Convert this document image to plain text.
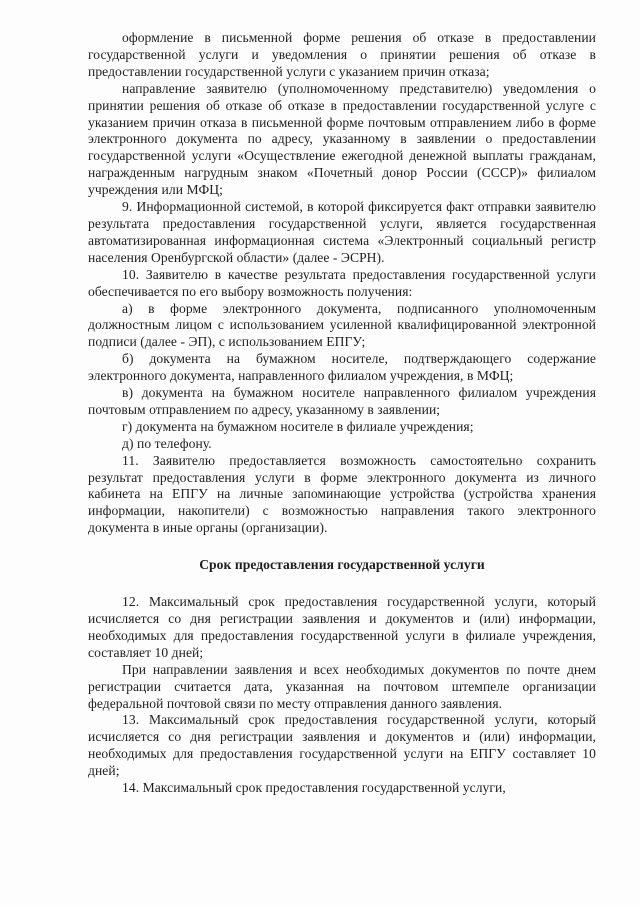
оформление в письменной форме решения об отказе в предоставлении государственной услуги и уведомления о принятии решения об отказе в предоставлении государственной услуги с указанием причин отказа;

направление заявителю (уполномоченному представителю) уведомления о принятии решения об отказе об отказе в предоставлении государственной услуге с указанием причин отказа в письменной форме почтовым отправлением либо в форме электронного документа по адресу, указанному в заявлении о предоставлении государственной услуги «Осуществление ежегодной денежной выплаты гражданам, награжденным нагрудным знаком «Почетный донор России (СССР)» филиалом учреждения или МФЦ;

9. Информационной системой, в которой фиксируется факт отправки заявителю результата предоставления государственной услуги, является государственная автоматизированная информационная система «Электронный социальный регистр населения Оренбургской области» (далее - ЭСРН).

10. Заявителю в качестве результата предоставления государственной услуги обеспечивается по его выбору возможность получения:

а) в форме электронного документа, подписанного уполномоченным должностным лицом с использованием усиленной квалифицированной электронной подписи (далее - ЭП), с использованием ЕПГУ;

б) документа на бумажном носителе, подтверждающего содержание электронного документа, направленного филиалом учреждения, в МФЦ;

в) документа на бумажном носителе направленного филиалом учреждения почтовым отправлением по адресу, указанному в заявлении;

г) документа на бумажном носителе в филиале учреждения;

д) по телефону.

11. Заявителю предоставляется возможность самостоятельно сохранить результат предоставления услуги в форме электронного документа из личного кабинета на ЕПГУ на личные запоминающие устройства (устройства хранения информации, накопители) с возможностью направления такого электронного документа в иные органы (организации).

Срок предоставления государственной услуги

12. Максимальный срок предоставления государственной услуги, который исчисляется со дня регистрации заявления и документов и (или) информации, необходимых для предоставления государственной услуги в филиале учреждения, составляет 10 дней;

При направлении заявления и всех необходимых документов по почте днем регистрации считается дата, указанная на почтовом штемпеле организации федеральной почтовой связи по месту отправления данного заявления.

13. Максимальный срок предоставления государственной услуги, который исчисляется со дня регистрации заявления и документов и (или) информации, необходимых для предоставления государственной услуги на ЕПГУ составляет 10 дней;

14. Максимальный срок предоставления государственной услуги,
